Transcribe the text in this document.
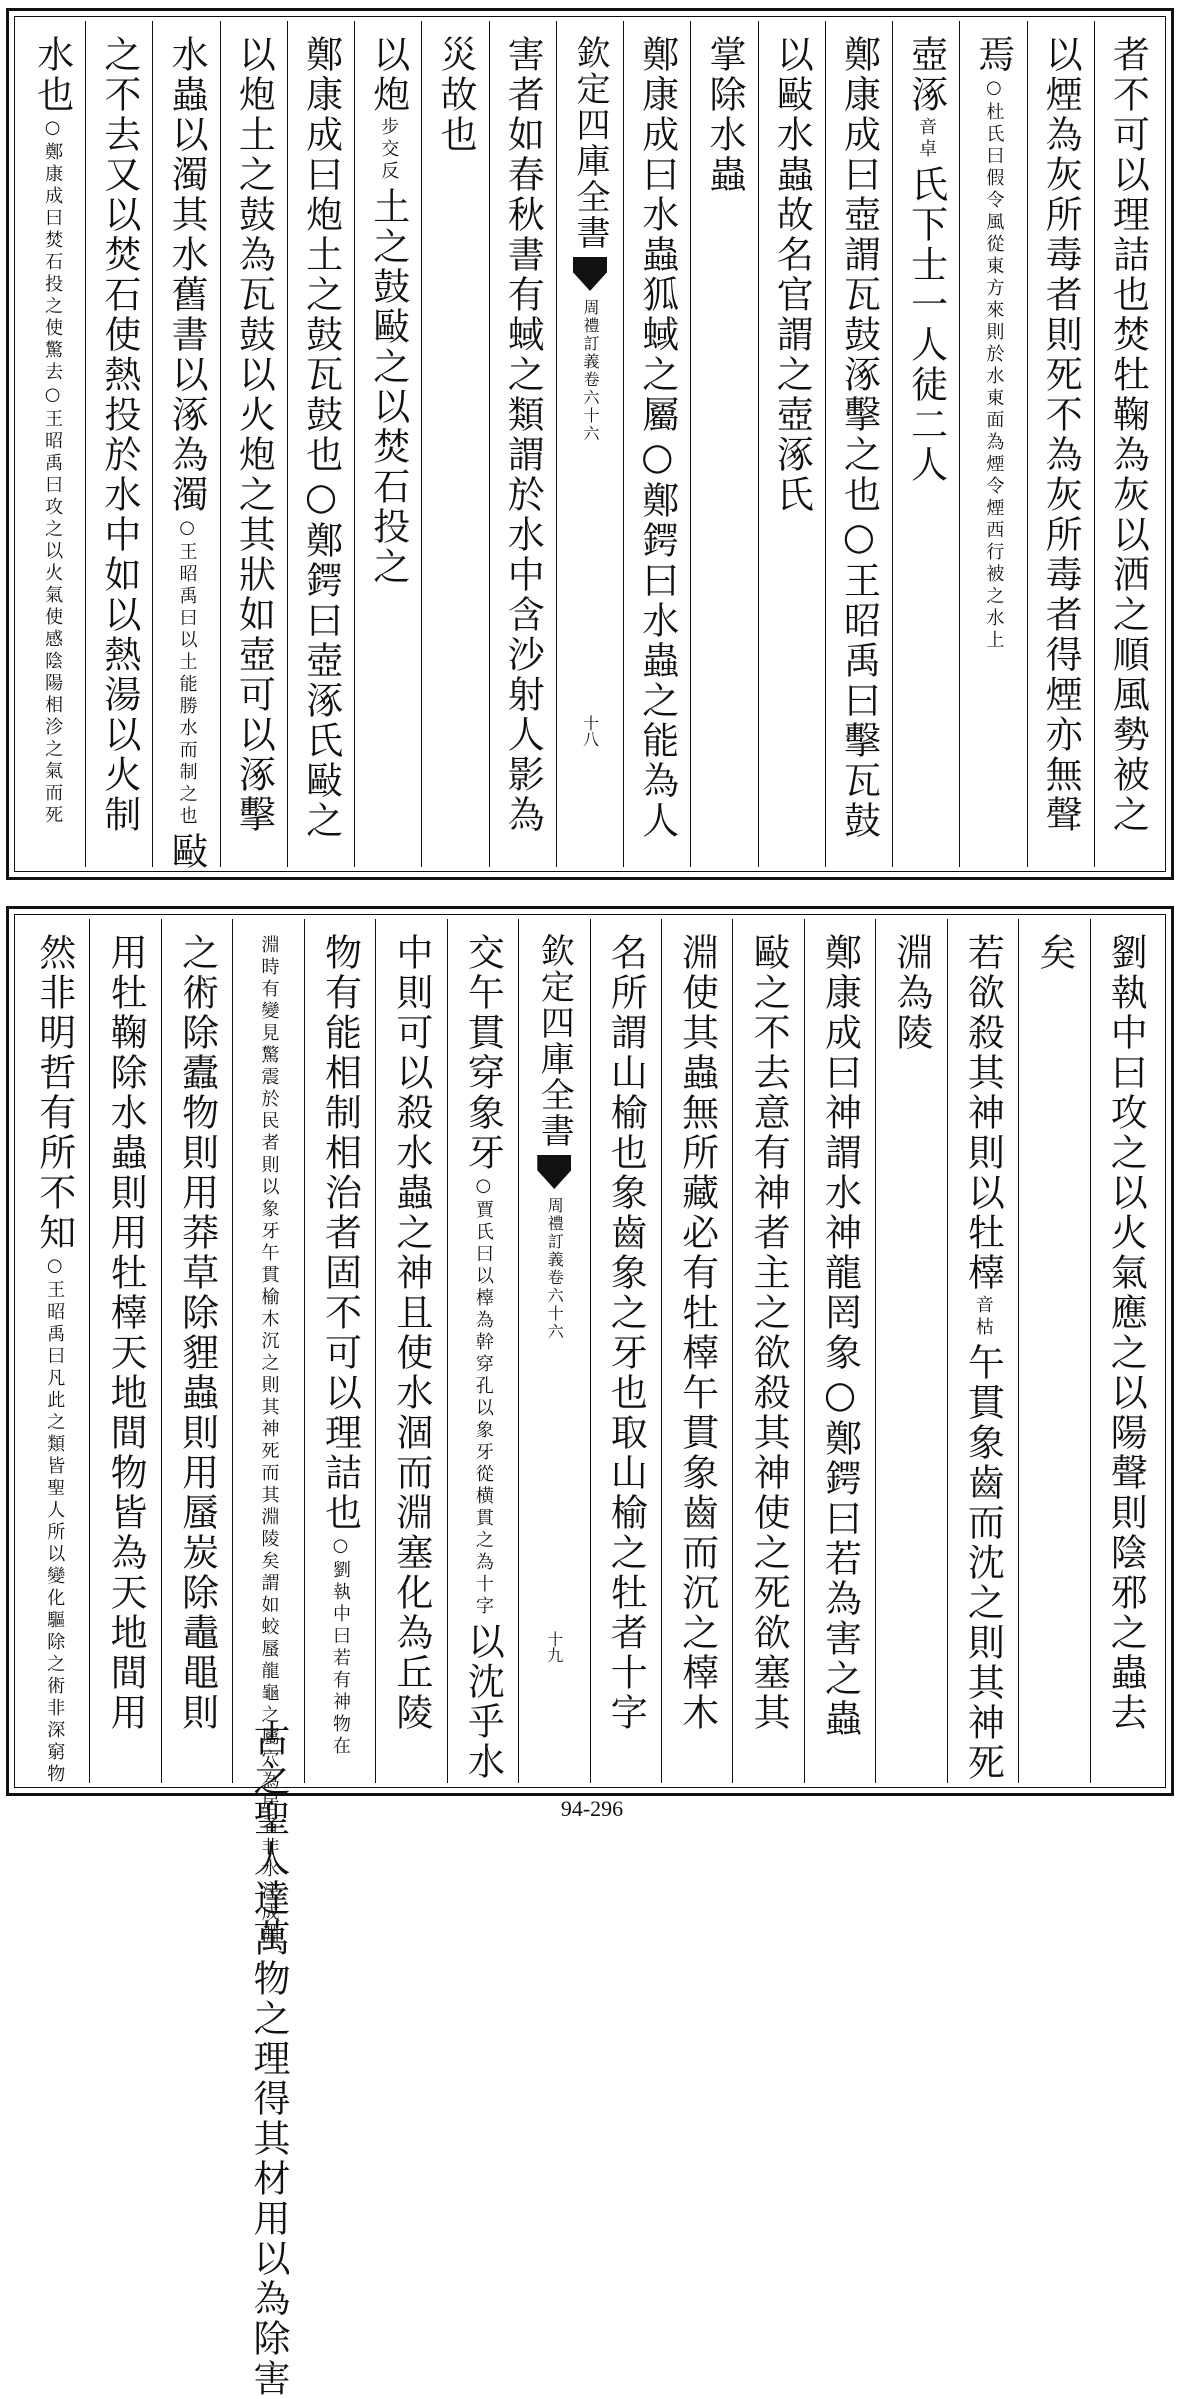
者不可以理詰也焚牡鞠為灰以洒之順風勢被之
以煙為灰所毒者則死不為灰所毒者得煙亦無聲
焉
○杜氏曰假令風從東方來則於水東面為煙令煙西行被之水上
壺涿
音卓
氏下士一人徒二人
鄭康成曰壺謂瓦鼓涿擊之也○王昭禹曰擊瓦鼓
以敺水蟲故名官謂之壺涿氏
掌除水蟲
鄭康成曰水蟲狐蜮之屬○鄭鍔曰水蟲之能為人
欽定四庫全書
周禮訂義
卷六十六
十八
害者如春秋書有蜮之類謂於水中含沙射人影為
災故也
以炮
步交反
土之鼓敺之以焚石投之
鄭康成曰炮土之鼓瓦鼓也○鄭鍔曰壺涿氏敺之
以炮土之鼓為瓦鼓以火炮之其狀如壺可以涿擊
水蟲以濁其水舊書以涿為濁
○王昭禹曰以土能勝水而制之也
敺
之不去又以焚石使熱投於水中如以熱湯以火制
水也
○鄭康成曰焚石投之使驚去○王昭禹曰攻之以火氣使感陰陽相沴之氣而死
劉執中曰攻之以火氣應之以陽聲則陰邪之蟲去
矣
若欲殺其神則以牡橭
音枯
午貫象齒而沈之則其神死
淵為陵
鄭康成曰神謂水神龍罔象○鄭鍔曰若為害之蟲
敺之不去意有神者主之欲殺其神使之死欲塞其
淵使其蟲無所藏必有牡橭午貫象齒而沉之橭木
名所謂山榆也象齒象之牙也取山榆之牡者十字
欽定四庫全書
周禮訂義
卷六十六
十九
交午貫穿象牙
○賈氏曰以橭為幹穿孔以象牙從横貫之為十字
以沈乎水
中則可以殺水蟲之神且使水涸而淵塞化為丘陵
物有能相制相治者固不可以理詰也
○劉執中曰若有神物在
淵時有變見驚震於民者則以象牙午貫榆木沉之則其神死而其淵陵矣謂如蛟蜃龍龜之屬穴為居者非水注成淵
古之聖人達萬物之理得其材用以為除害
之術除蠹物則用莽草除貍蟲則用蜃炭除鼃黽則
用牡鞠除水蟲則用牡橭天地間物皆為天地間用
然非明哲有所不知
○王昭禹曰凡此之類皆聖人所以變化驅除之術非深窮物
94-296
